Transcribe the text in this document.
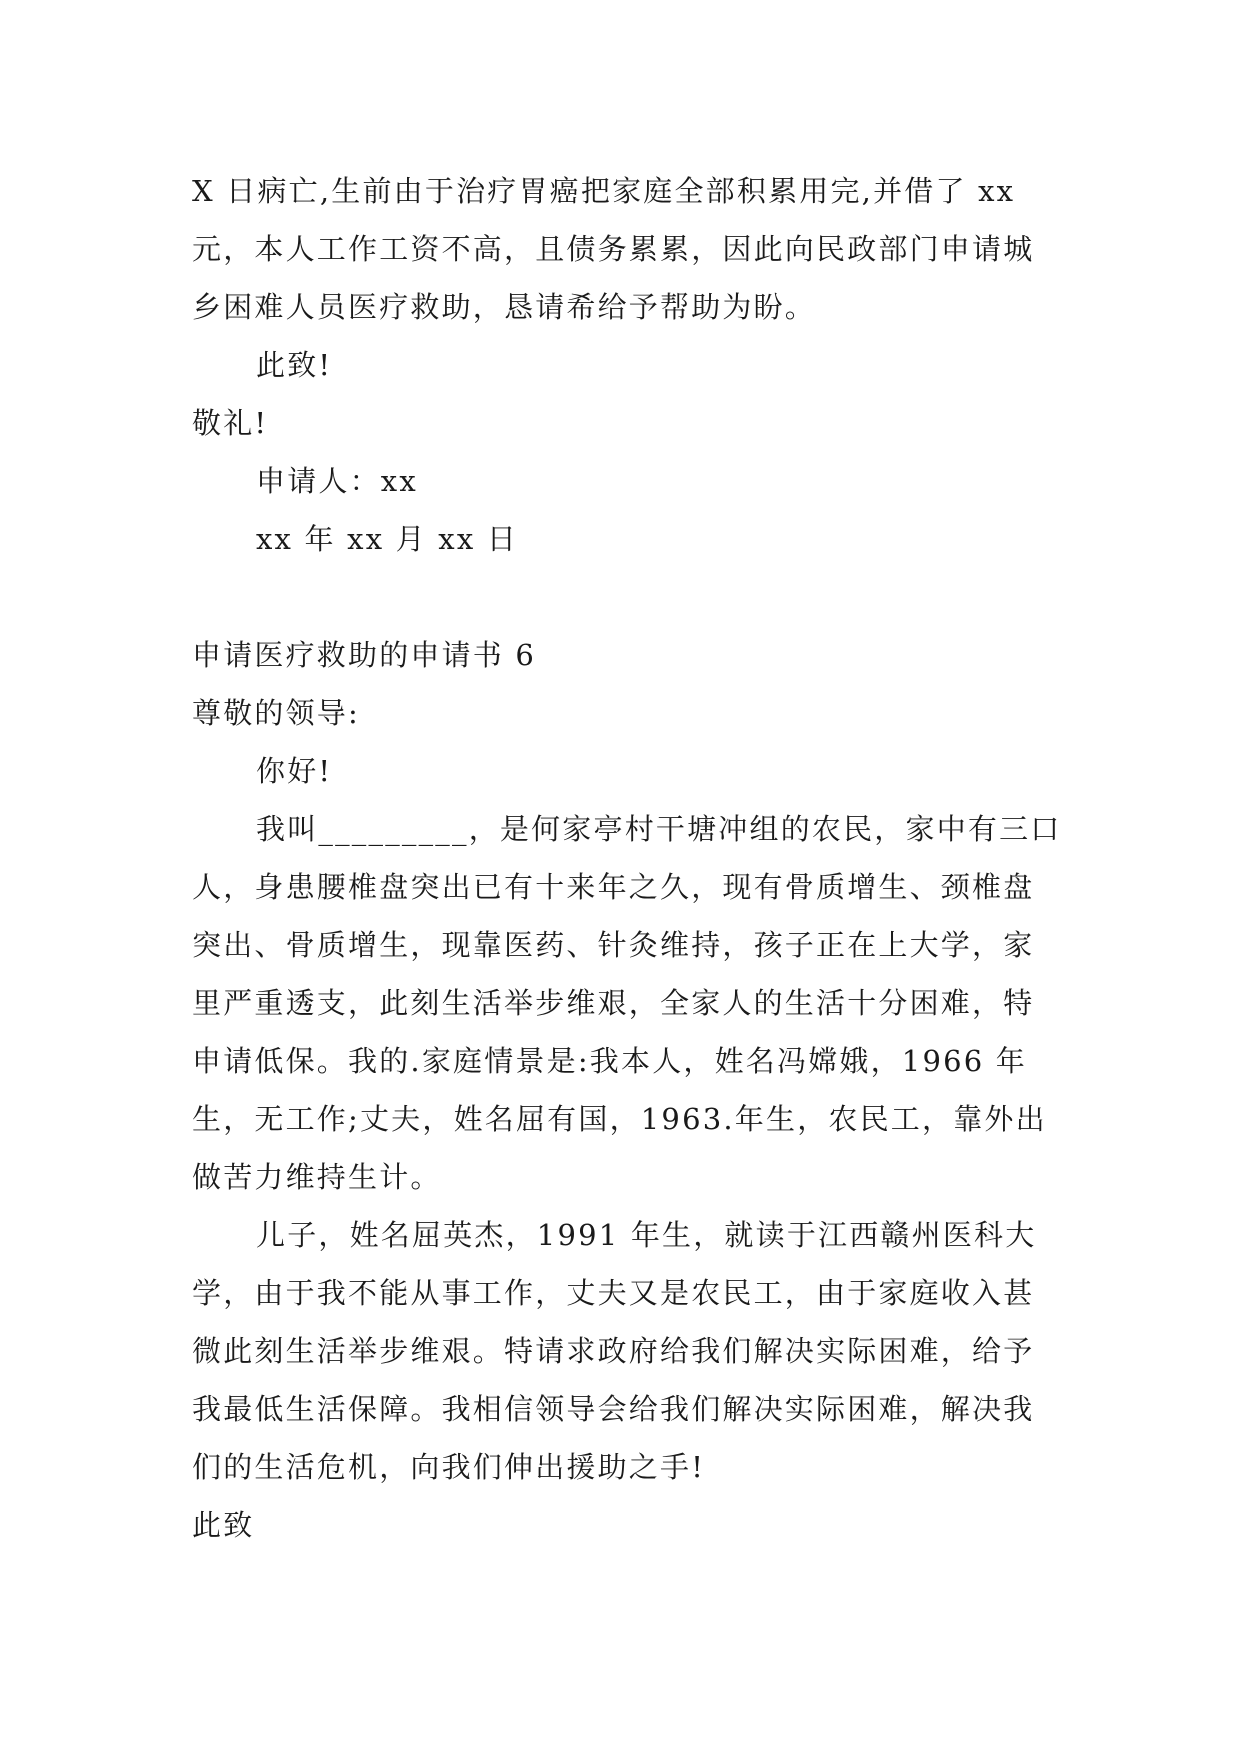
X 日病亡,生前由于治疗胃癌把家庭全部积累用完,并借了 xx 元，本人工作工资不高，且债务累累，因此向民政部门申请城乡困难人员医疗救助，恳请希给予帮助为盼。

此致!

敬礼!

申请人：xx

xx 年 xx 月 xx 日

申请医疗救助的申请书 6

尊敬的领导:

你好!

我叫_________，是何家亭村干塘冲组的农民，家中有三口人，身患腰椎盘突出已有十来年之久，现有骨质增生、颈椎盘突出、骨质增生，现靠医药、针灸维持，孩子正在上大学，家里严重透支，此刻生活举步维艰，全家人的生活十分困难，特申请低保。我的.家庭情景是:我本人，姓名冯嫦娥，1966 年生，无工作;丈夫，姓名屈有国，1963.年生，农民工，靠外出做苦力维持生计。

儿子，姓名屈英杰，1991 年生，就读于江西赣州医科大学，由于我不能从事工作，丈夫又是农民工，由于家庭收入甚微此刻生活举步维艰。特请求政府给我们解决实际困难，给予我最低生活保障。我相信领导会给我们解决实际困难，解决我们的生活危机，向我们伸出援助之手!

此致
